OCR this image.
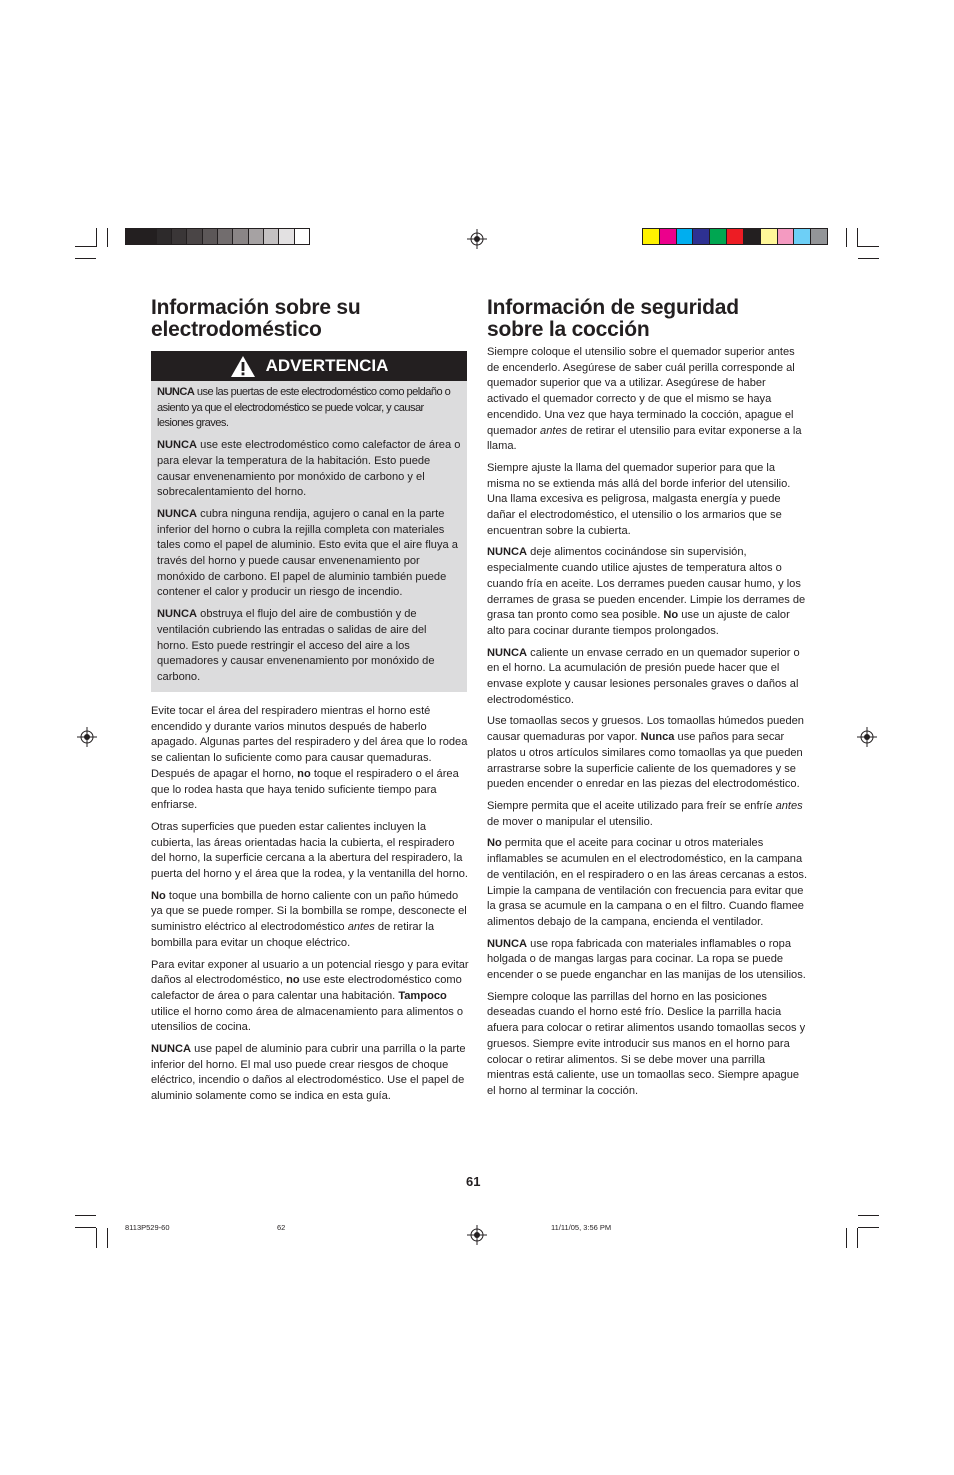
Información sobre su
electrodoméstico
ADVERTENCIA

NUNCA use las puertas de este electrodoméstico como peldaño o asiento ya que el electrodoméstico se puede volcar, y causar lesiones graves.

NUNCA use este electrodoméstico como calefactor de área o para elevar la temperatura de la habitación. Esto puede causar envenenamiento por monóxido de carbono y el sobrecalentamiento del horno.

NUNCA cubra ninguna rendija, agujero o canal en la parte inferior del horno o cubra la rejilla completa con materiales tales como el papel de aluminio. Esto evita que el aire fluya a través del horno y puede causar envenenamiento por monóxido de carbono. El papel de aluminio también puede contener el calor y producir un riesgo de incendio.

NUNCA obstruya el flujo del aire de combustión y de ventilación cubriendo las entradas o salidas de aire del horno. Esto puede restringir el acceso del aire a los quemadores y causar envenenamiento por monóxido de carbono.

Evite tocar el área del respiradero mientras el horno esté encendido y durante varios minutos después de haberlo apagado. Algunas partes del respiradero y del área que lo rodea se calientan lo suficiente como para causar quemaduras. Después de apagar el horno, no toque el respiradero o el área que lo rodea hasta que haya tenido suficiente tiempo para enfriarse.

Otras superficies que pueden estar calientes incluyen la cubierta, las áreas orientadas hacia la cubierta, el respiradero del horno, la superficie cercana a la abertura del respiradero, la puerta del horno y el área que la rodea, y la ventanilla del horno.

No toque una bombilla de horno caliente con un paño húmedo ya que se puede romper. Si la bombilla se rompe, desconecte el suministro eléctrico al electrodoméstico antes de retirar la bombilla para evitar un choque eléctrico.

Para evitar exponer al usuario a un potencial riesgo y para evitar daños al electrodoméstico, no use este electrodoméstico como calefactor de área o para calentar una habitación. Tampoco utilice el horno como área de almacenamiento para alimentos o utensilios de cocina.

NUNCA use papel de aluminio para cubrir una parrilla o la parte inferior del horno. El mal uso puede crear riesgos de choque eléctrico, incendio o daños al electrodoméstico. Use el papel de aluminio solamente como se indica en esta guía.

Información de seguridad
sobre la cocción

Siempre coloque el utensilio sobre el quemador superior antes de encenderlo. Asegúrese de saber cuál perilla corresponde al quemador superior que va a utilizar. Asegúrese de haber activado el quemador correcto y de que el mismo se haya encendido. Una vez que haya terminado la cocción, apague el quemador antes de retirar el utensilio para evitar exponerse a la llama.

Siempre ajuste la llama del quemador superior para que la misma no se extienda más allá del borde inferior del utensilio. Una llama excesiva es peligrosa, malgasta energía y puede dañar el electrodoméstico, el utensilio o los armarios que se encuentran sobre la cubierta.

NUNCA deje alimentos cocinándose sin supervisión, especialmente cuando utilice ajustes de temperatura altos o cuando fría en aceite. Los derrames pueden causar humo, y los derrames de grasa se pueden encender. Limpie los derrames de grasa tan pronto como sea posible. No use un ajuste de calor alto para cocinar durante tiempos prolongados.

NUNCA caliente un envase cerrado en un quemador superior o en el horno. La acumulación de presión puede hacer que el envase explote y causar lesiones personales graves o daños al electrodoméstico.

Use tomaollas secos y gruesos. Los tomaollas húmedos pueden causar quemaduras por vapor. Nunca use paños para secar platos u otros artículos similares como tomaollas ya que pueden arrastrarse sobre la superficie caliente de los quemadores y se pueden encender o enredar en las piezas del electrodoméstico.

Siempre permita que el aceite utilizado para freír se enfríe antes de mover o manipular el utensilio.

No permita que el aceite para cocinar u otros materiales inflamables se acumulen en el electrodoméstico, en la campana de ventilación, en el respiradero o en las áreas cercanas a estos. Limpie la campana de ventilación con frecuencia para evitar que la grasa se acumule en la campana o en el filtro. Cuando flamee alimentos debajo de la campana, encienda el ventilador.

NUNCA use ropa fabricada con materiales inflamables o ropa holgada o de mangas largas para cocinar. La ropa se puede encender o se puede enganchar en las manijas de los utensilios.

Siempre coloque las parrillas del horno en las posiciones deseadas cuando el horno esté frío. Deslice la parrilla hacia afuera para colocar o retirar alimentos usando tomaollas secos y gruesos. Siempre evite introducir sus manos en el horno para colocar o retirar alimentos. Si se debe mover una parrilla mientras está caliente, use un tomaollas seco. Siempre apague el horno al terminar la cocción.

61
8113P529-60	62	11/11/05, 3:56 PM
